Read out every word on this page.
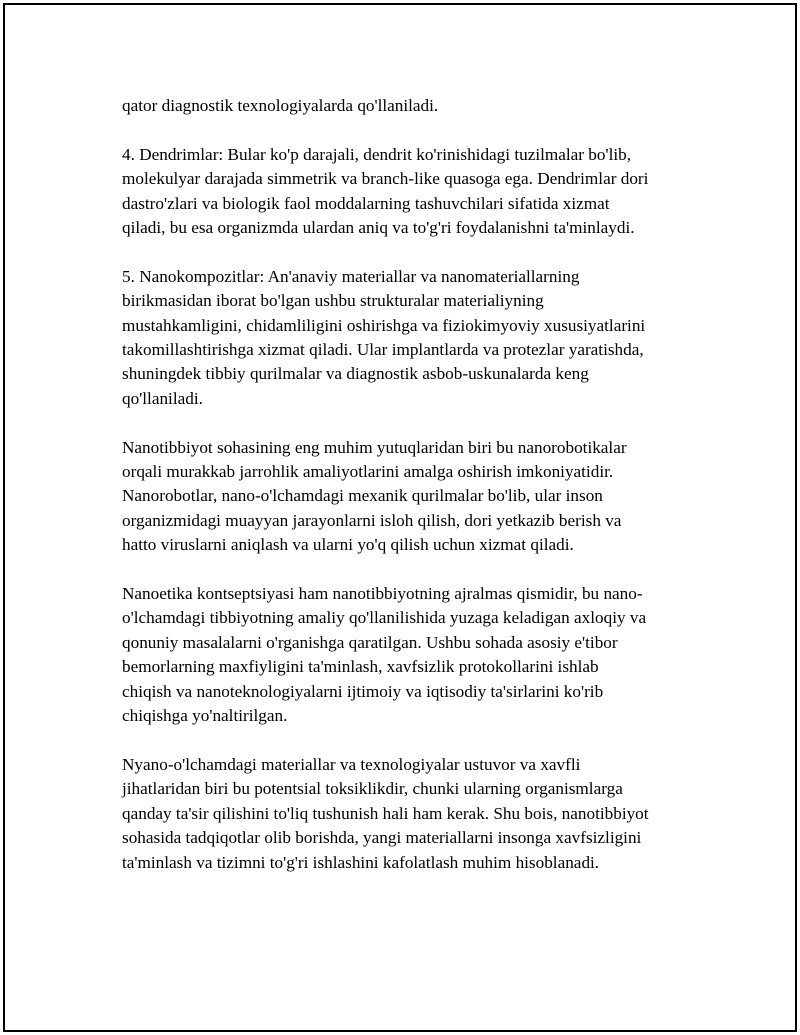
qator diagnostik texnologiyalarda qo'llaniladi.

4. Dendrimlar: Bular ko'p darajali, dendrit ko'rinishidagi tuzilmalar bo'lib,
molekulyar darajada simmetrik va branch-like quasoga ega. Dendrimlar dori
dastro'zlari va biologik faol moddalarning tashuvchilari sifatida xizmat
qiladi, bu esa organizmda ulardan aniq va to'g'ri foydalanishni ta'minlaydi.

5. Nanokompozitlar: An'anaviy materiallar va nanomateriallarning
birikmasidan iborat bo'lgan ushbu strukturalar materialiyning
mustahkamligini, chidamliligini oshirishga va fiziokimyoviy xususiyatlarini
takomillashtirishga xizmat qiladi. Ular implantlarda va protezlar yaratishda,
shuningdek tibbiy qurilmalar va diagnostik asbob-uskunalarda keng
qo'llaniladi.

Nanotibbiyot sohasining eng muhim yutuqlaridan biri bu nanorobotikalar
orqali murakkab jarrohlik amaliyotlarini amalga oshirish imkoniyatidir.
Nanorobotlar, nano-o'lchamdagi mexanik qurilmalar bo'lib, ular inson
organizmidagi muayyan jarayonlarni isloh qilish, dori yetkazib berish va
hatto viruslarni aniqlash va ularni yo'q qilish uchun xizmat qiladi.

Nanoetika kontseptsiyasi ham nanotibbiyotning ajralmas qismidir, bu nano-
o'lchamdagi tibbiyotning amaliy qo'llanilishida yuzaga keladigan axloqiy va
qonuniy masalalarni o'rganishga qaratilgan. Ushbu sohada asosiy e'tibor
bemorlarning maxfiyligini ta'minlash, xavfsizlik protokollarini ishlab
chiqish va nanoteknologiyalarni ijtimoiy va iqtisodiy ta'sirlarini ko'rib
chiqishga yo'naltirilgan.

Nyano-o'lchamdagi materiallar va texnologiyalar ustuvor va xavfli
jihatlaridan biri bu potentsial toksiklikdir, chunki ularning organismlarga
qanday ta'sir qilishini to'liq tushunish hali ham kerak. Shu bois, nanotibbiyot
sohasida tadqiqotlar olib borishda, yangi materiallarni insonga xavfsizligini
ta'minlash va tizimni to'g'ri ishlashini kafolatlash muhim hisoblanadi.
